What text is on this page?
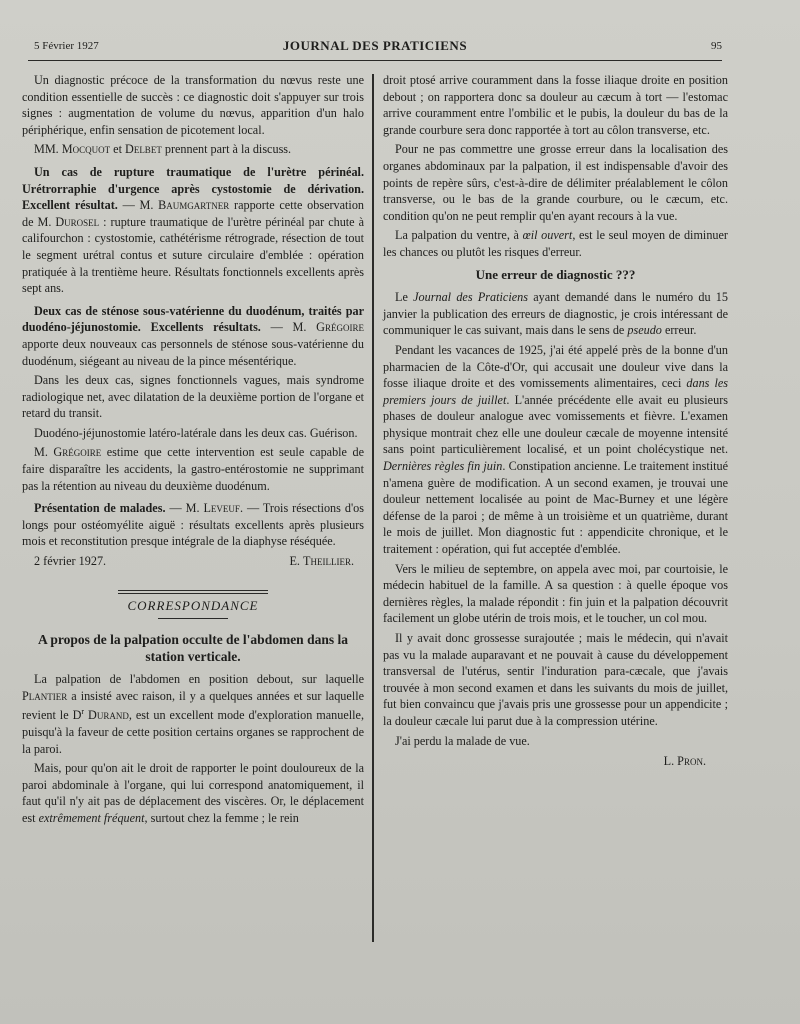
5 Février 1927	JOURNAL DES PRATICIENS	95

Un diagnostic précoce de la transformation du nœvus reste une condition essentielle de succès : ce diagnostic doit s'appuyer sur trois signes : augmentation de volume du nœvus, apparition d'un halo périphérique, enfin sensation de picotement local.

MM. Mocquot et Delbet prennent part à la discuss.

Un cas de rupture traumatique de l'urètre périnéal. Urétrorraphie d'urgence après cystostomie de dérivation. Excellent résultat. — M. Baumgartner rapporte cette observation de M. Durosel : rupture traumatique de l'urètre périnéal par chute à califourchon : cystostomie, cathétérisme rétrograde, résection de tout le segment urétral contus et suture circulaire d'emblée : opération pratiquée à la trentième heure. Résultats fonctionnels excellents après sept ans.

Deux cas de sténose sous-vatérienne du duodénum, traités par duodéno-jéjunostomie. Excellents résultats. — M. Grégoire apporte deux nouveaux cas personnels de sténose sous-vatérienne du duodénum, siégeant au niveau de la pince mésentérique.

Dans les deux cas, signes fonctionnels vagues, mais syndrome radiologique net, avec dilatation de la deuxième portion de l'organe et retard du transit.

Duodéno-jéjunostomie latéro-latérale dans les deux cas. Guérison.

M. Grégoire estime que cette intervention est seule capable de faire disparaître les accidents, la gastro-entérostomie ne supprimant pas la rétention au niveau du deuxième duodénum.

Présentation de malades. — M. Leveuf. — Trois résections d'os longs pour ostéomyélite aiguë : résultats excellents après plusieurs mois et reconstitution presque intégrale de la diaphyse réséquée.

2 février 1927.	E. Theillier.
CORRESPONDANCE
A propos de la palpation occulte de l'abdomen dans la station verticale.

La palpation de l'abdomen en position debout, sur laquelle Plantier a insisté avec raison, il y a quelques années et sur laquelle revient le $D^r$ Durand, est un excellent mode d'exploration manuelle, puisqu'à la faveur de cette position certains organes se rapprochent de la paroi.

Mais, pour qu'on ait le droit de rapporter le point douloureux de la paroi abdominale à l'organe, qui lui correspond anatomiquement, il faut qu'il n'y ait pas de déplacement des viscères. Or, le déplacement est extrêmement fréquent, surtout chez la femme ; le rein

droit ptosé arrive couramment dans la fosse iliaque droite en position debout ; on rapportera donc sa douleur au cæcum à tort — l'estomac arrive couramment entre l'ombilic et le pubis, la douleur du bas de la grande courbure sera donc rapportée à tort au côlon transverse, etc.

Pour ne pas commettre une grosse erreur dans la localisation des organes abdominaux par la palpation, il est indispensable d'avoir des points de repère sûrs, c'est-à-dire de délimiter préalablement le côlon transverse, ou le bas de la grande courbure, ou le cæcum, etc. condition qu'on ne peut remplir qu'en ayant recours à la vue.

La palpation du ventre, à œil ouvert, est le seul moyen de diminuer les chances ou plutôt les risques d'erreur.

Une erreur de diagnostic ???

Le Journal des Praticiens ayant demandé dans le numéro du 15 janvier la publication des erreurs de diagnostic, je crois intéressant de communiquer le cas suivant, mais dans le sens de pseudo erreur.

Pendant les vacances de 1925, j'ai été appelé près de la bonne d'un pharmacien de la Côte-d'Or, qui accusait une douleur vive dans la fosse iliaque droite et des vomissements alimentaires, ceci dans les premiers jours de juillet. L'année précédente elle avait eu plusieurs phases de douleur analogue avec vomissements et fièvre. L'examen physique montrait chez elle une douleur cæcale de moyenne intensité sans point particulièrement localisé, et un point cholécystique net. Dernières règles fin juin. Constipation ancienne. Le traitement institué n'amena guère de modification. A un second examen, je trouvai une douleur nettement localisée au point de Mac-Burney et une légère défense de la paroi ; de même à un troisième et un quatrième, durant le mois de juillet. Mon diagnostic fut : appendicite chronique, et le traitement : opération, qui fut acceptée d'emblée.

Vers le milieu de septembre, on appela avec moi, par courtoisie, le médecin habituel de la famille. A sa question : à quelle époque vos dernières règles, la malade répondit : fin juin et la palpation découvrit facilement un globe utérin de trois mois, et le toucher, un col mou.

Il y avait donc grossesse surajoutée ; mais le médecin, qui n'avait pas vu la malade auparavant et ne pouvait à cause du développement transversal de l'utérus, sentir l'induration para-cæcale, que j'avais trouvée à mon second examen et dans les suivants du mois de juillet, fut bien convaincu que j'avais pris une grossesse pour un appendicite ; la douleur cæcale lui parut due à la compression utérine.

J'ai perdu la malade de vue.

L. Pron.
